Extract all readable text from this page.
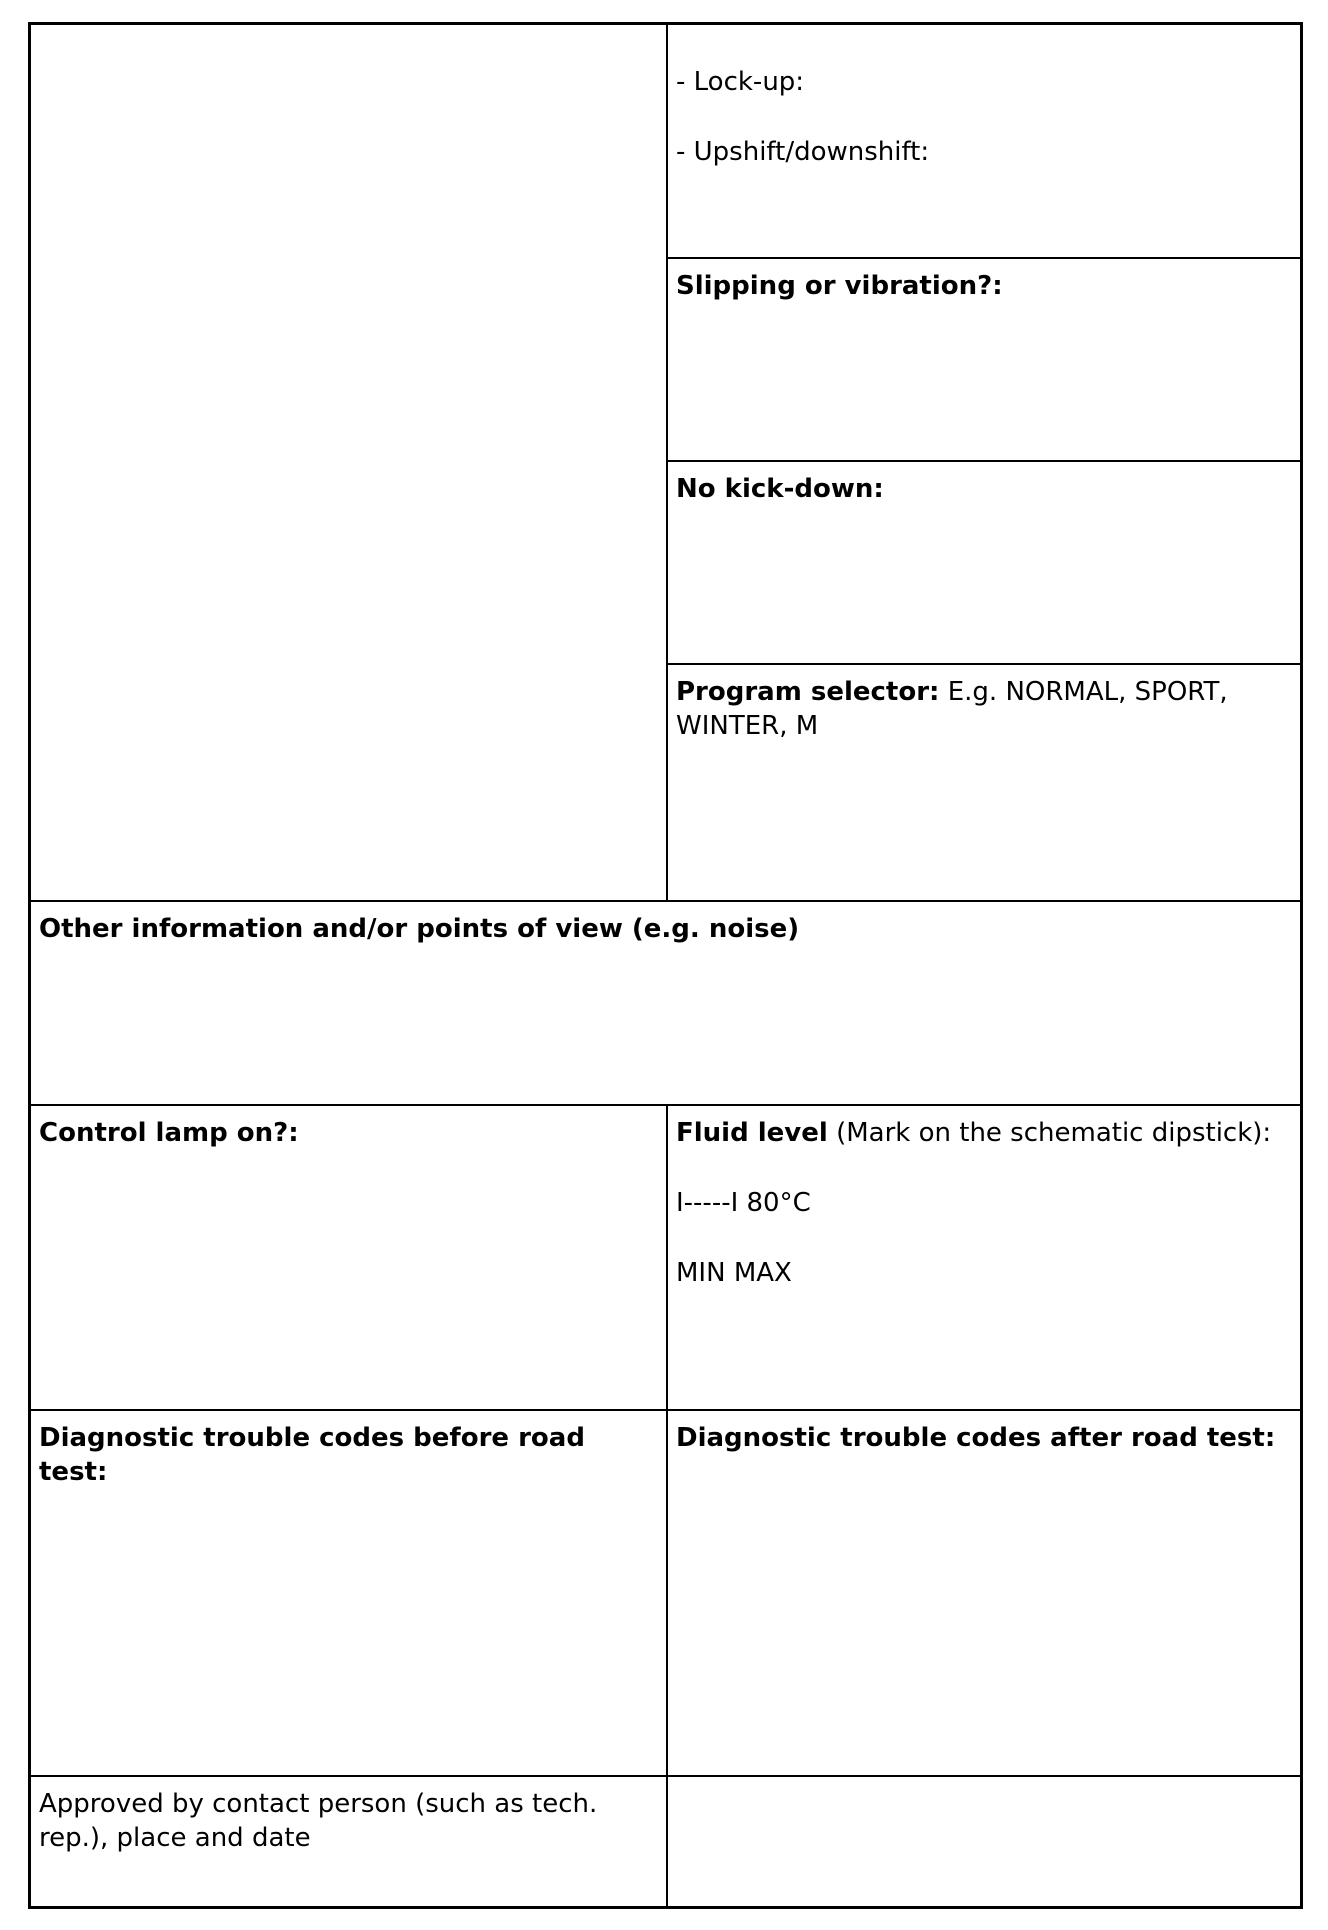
- Lock-up:

- Upshift/downshift:

Slipping or vibration?:

No kick-down:

Program selector: E.g. NORMAL, SPORT, WINTER, M

Other information and/or points of view (e.g. noise)

Control lamp on?:	Fluid level (Mark on the schematic dipstick):

I-----I 80°C

MIN MAX

Diagnostic trouble codes before road test:

Diagnostic trouble codes after road test:

Approved by contact person (such as tech. rep.), place and date
